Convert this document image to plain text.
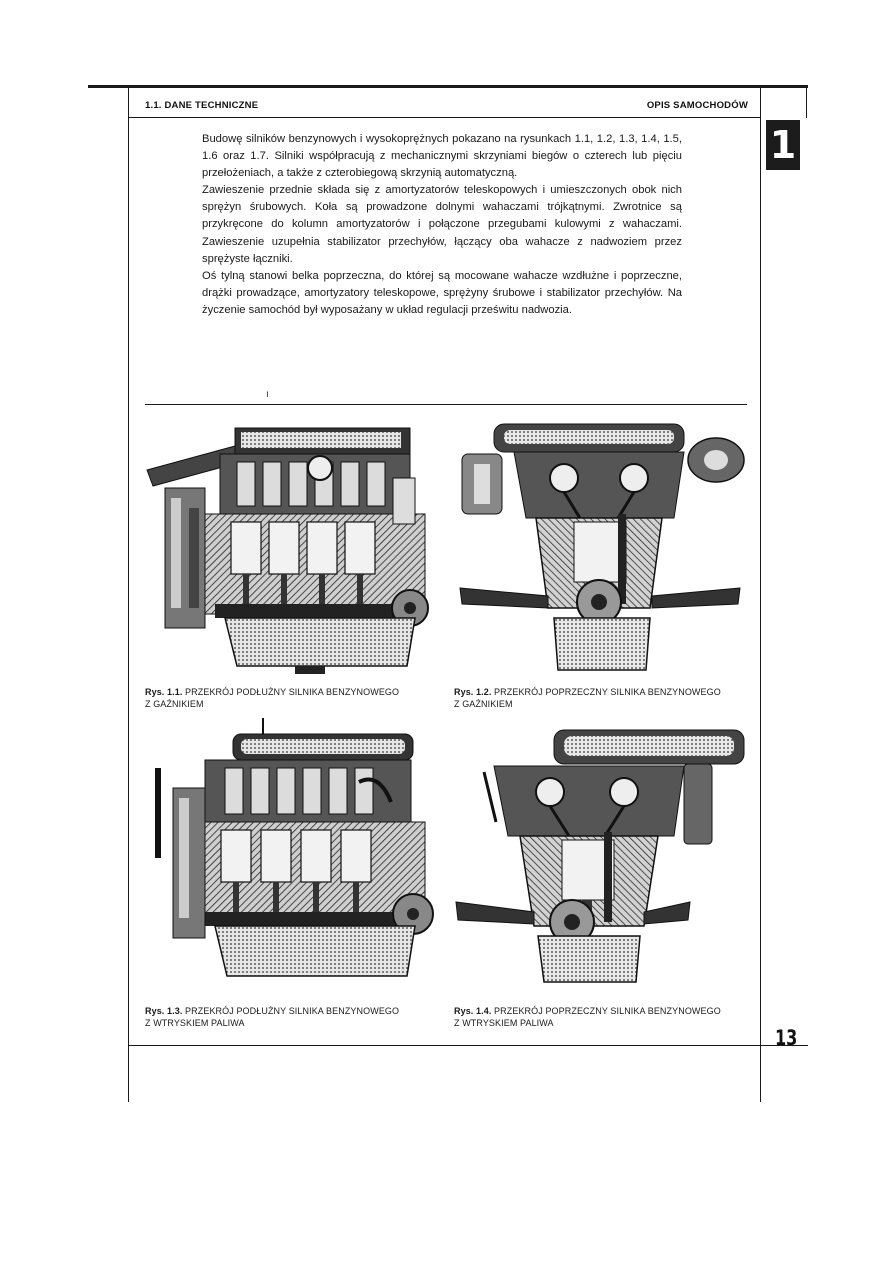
1.1. DANE TECHNICZNE	OPIS SAMOCHODÓW
1

Budowę silników benzynowych i wysokoprężnych pokazano na rysunkach 1.1, 1.2, 1.3, 1.4, 1.5, 1.6 oraz 1.7. Silniki współpracują z mechanicznymi skrzyniami biegów o czterech lub pięciu przełożeniach, a także z czterobiegową skrzynią automatyczną.

Zawieszenie przednie składa się z amortyzatorów teleskopowych i umieszczonych obok nich sprężyn śrubowych. Koła są prowadzone dolnymi wahaczami trójkątnymi. Zwrotnice są przykręcone do kolumn amortyzatorów i połączone przegubami kulowymi z wahaczami. Zawieszenie uzupełnia stabilizator przechyłów, łączący oba wahacze z nadwoziem przez sprężyste łączniki.

Oś tylną stanowi belka poprzeczna, do której są mocowane wahacze wzdłużne i poprzeczne, drążki prowadzące, amortyzatory teleskopowe, sprężyny śrubowe i stabilizator przechyłów. Na życzenie samochód był wyposażany w układ regulacji prześwitu nadwozia.

ı
Rys. 1.1. PRZEKRÓJ PODŁUŻNY SILNIKA BENZYNOWEGO
Z GAŹNIKIEM
Rys. 1.2. PRZEKRÓJ POPRZECZNY SILNIKA BENZYNOWEGO
Z GAŹNIKIEM
Rys. 1.3. PRZEKRÓJ PODŁUŻNY SILNIKA BENZYNOWEGO
Z WTRYSKIEM PALIWA
Rys. 1.4. PRZEKRÓJ POPRZECZNY SILNIKA BENZYNOWEGO
Z WTRYSKIEM PALIWA
13
